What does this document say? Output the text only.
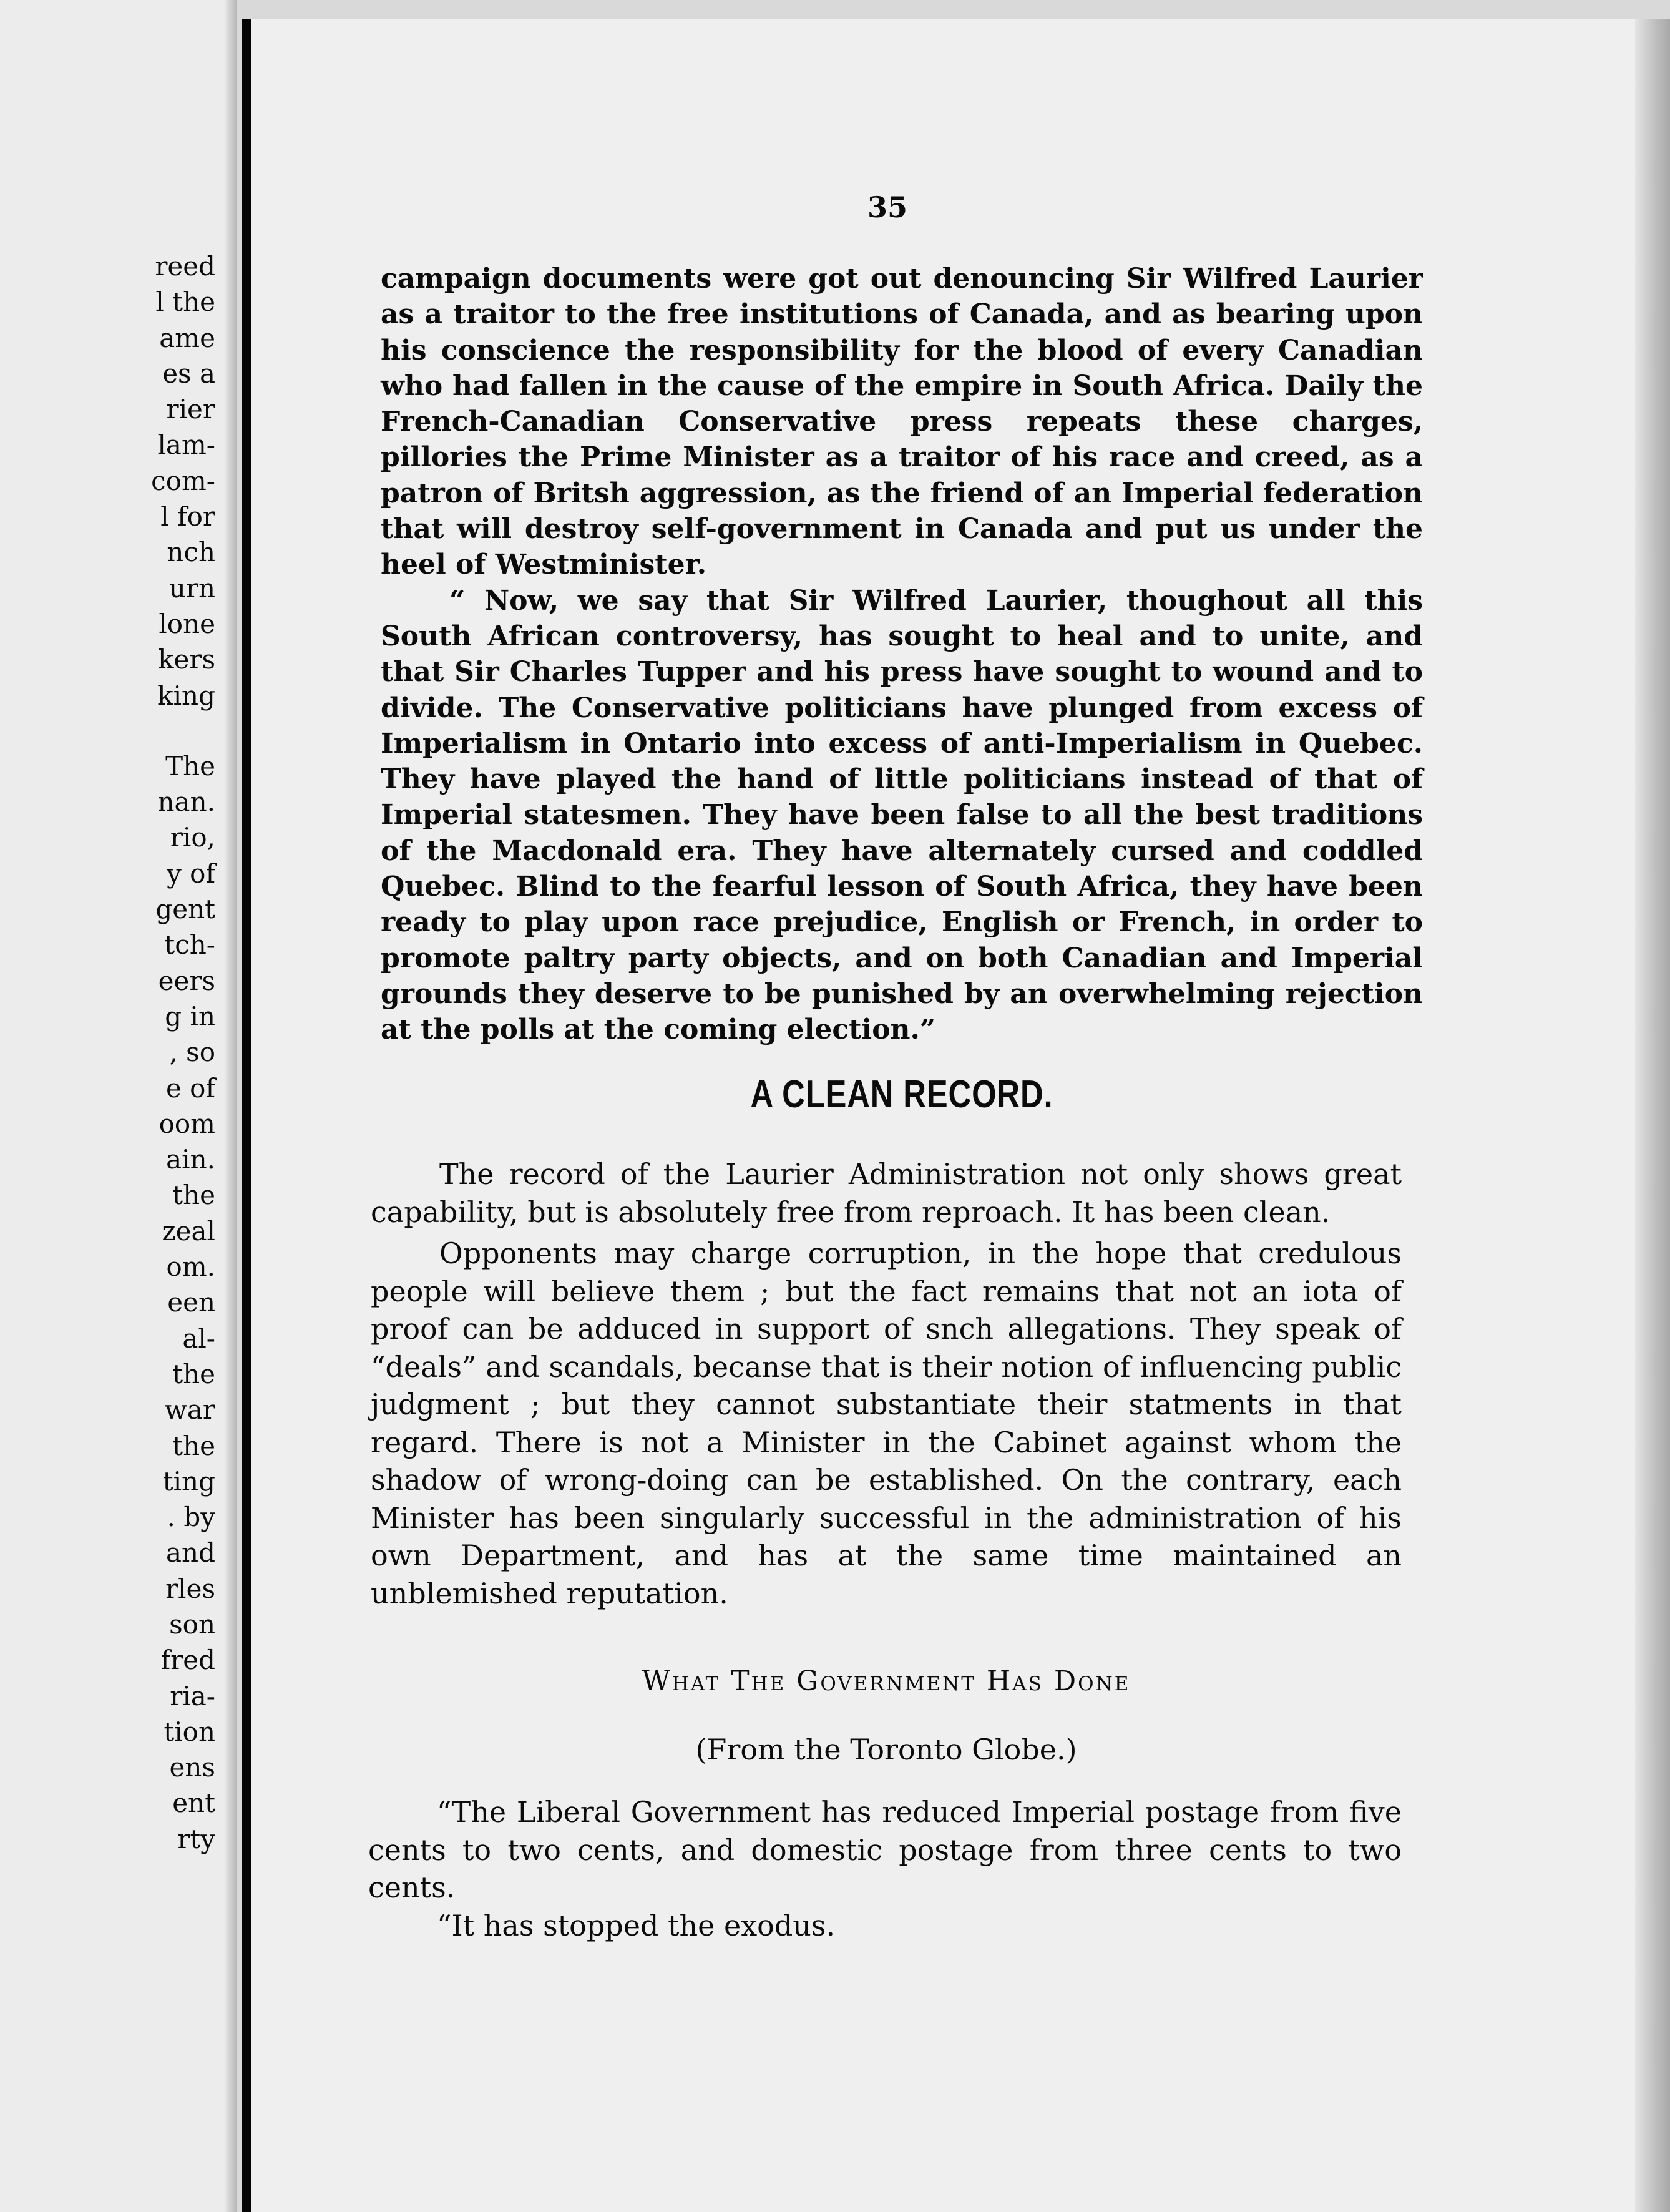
reed
l the
ame
es a
rier
lam-
com-
l for
nch
urn
lone
kers
king
The
nan.
rio,
y of
gent
tch-
eers
g in
, so
e of
oom
ain.
the
zeal
om.
een
al-
the
war
the
ting
. by
and
rles
son
fred
ria-
tion
ens
ent
rty
35

campaign documents were got out denouncing Sir Wilfred Laurier as a traitor to the free institutions of Canada, and as bearing upon his conscience the responsibility for the blood of every Canadian who had fallen in the cause of the empire in South Africa. Daily the French-Canadian Conservative press repeats these charges, pillories the Prime Minister as a traitor of his race and creed, as a patron of Britsh aggression, as the friend of an Imperial federation that will destroy self-government in Canada and put us under the heel of Westminister.

“ Now, we say that Sir Wilfred Laurier, thoughout all this South African controversy, has sought to heal and to unite, and that Sir Charles Tupper and his press have sought to wound and to divide. The Conservative politicians have plunged from excess of Imperialism in Ontario into excess of anti-Imperialism in Quebec. They have played the hand of little politicians instead of that of Imperial statesmen. They have been false to all the best traditions of the Macdonald era. They have alternately cursed and coddled Quebec. Blind to the fearful lesson of South Africa, they have been ready to play upon race prejudice, English or French, in order to promote paltry party objects, and on both Canadian and Imperial grounds they deserve to be punished by an overwhelming rejection at the polls at the coming election.”

A CLEAN RECORD.

The record of the Laurier Administration not only shows great capability, but is absolutely free from reproach. It has been clean.

Opponents may charge corruption, in the hope that credulous people will believe them ; but the fact remains that not an iota of proof can be adduced in support of snch allegations. They speak of “deals” and scandals, becanse that is their notion of influencing public judgment ; but they cannot substantiate their statments in that regard. There is not a Minister in the Cabinet against whom the shadow of wrong-doing can be established. On the contrary, each Minister has been singularly successful in the administration of his own Department, and has at the same time maintained an unblemished reputation.

What The Government Has Done
(From the Toronto Globe.)

“The Liberal Government has reduced Imperial postage from five cents to two cents, and domestic postage from three cents to two cents.

“It has stopped the exodus.
